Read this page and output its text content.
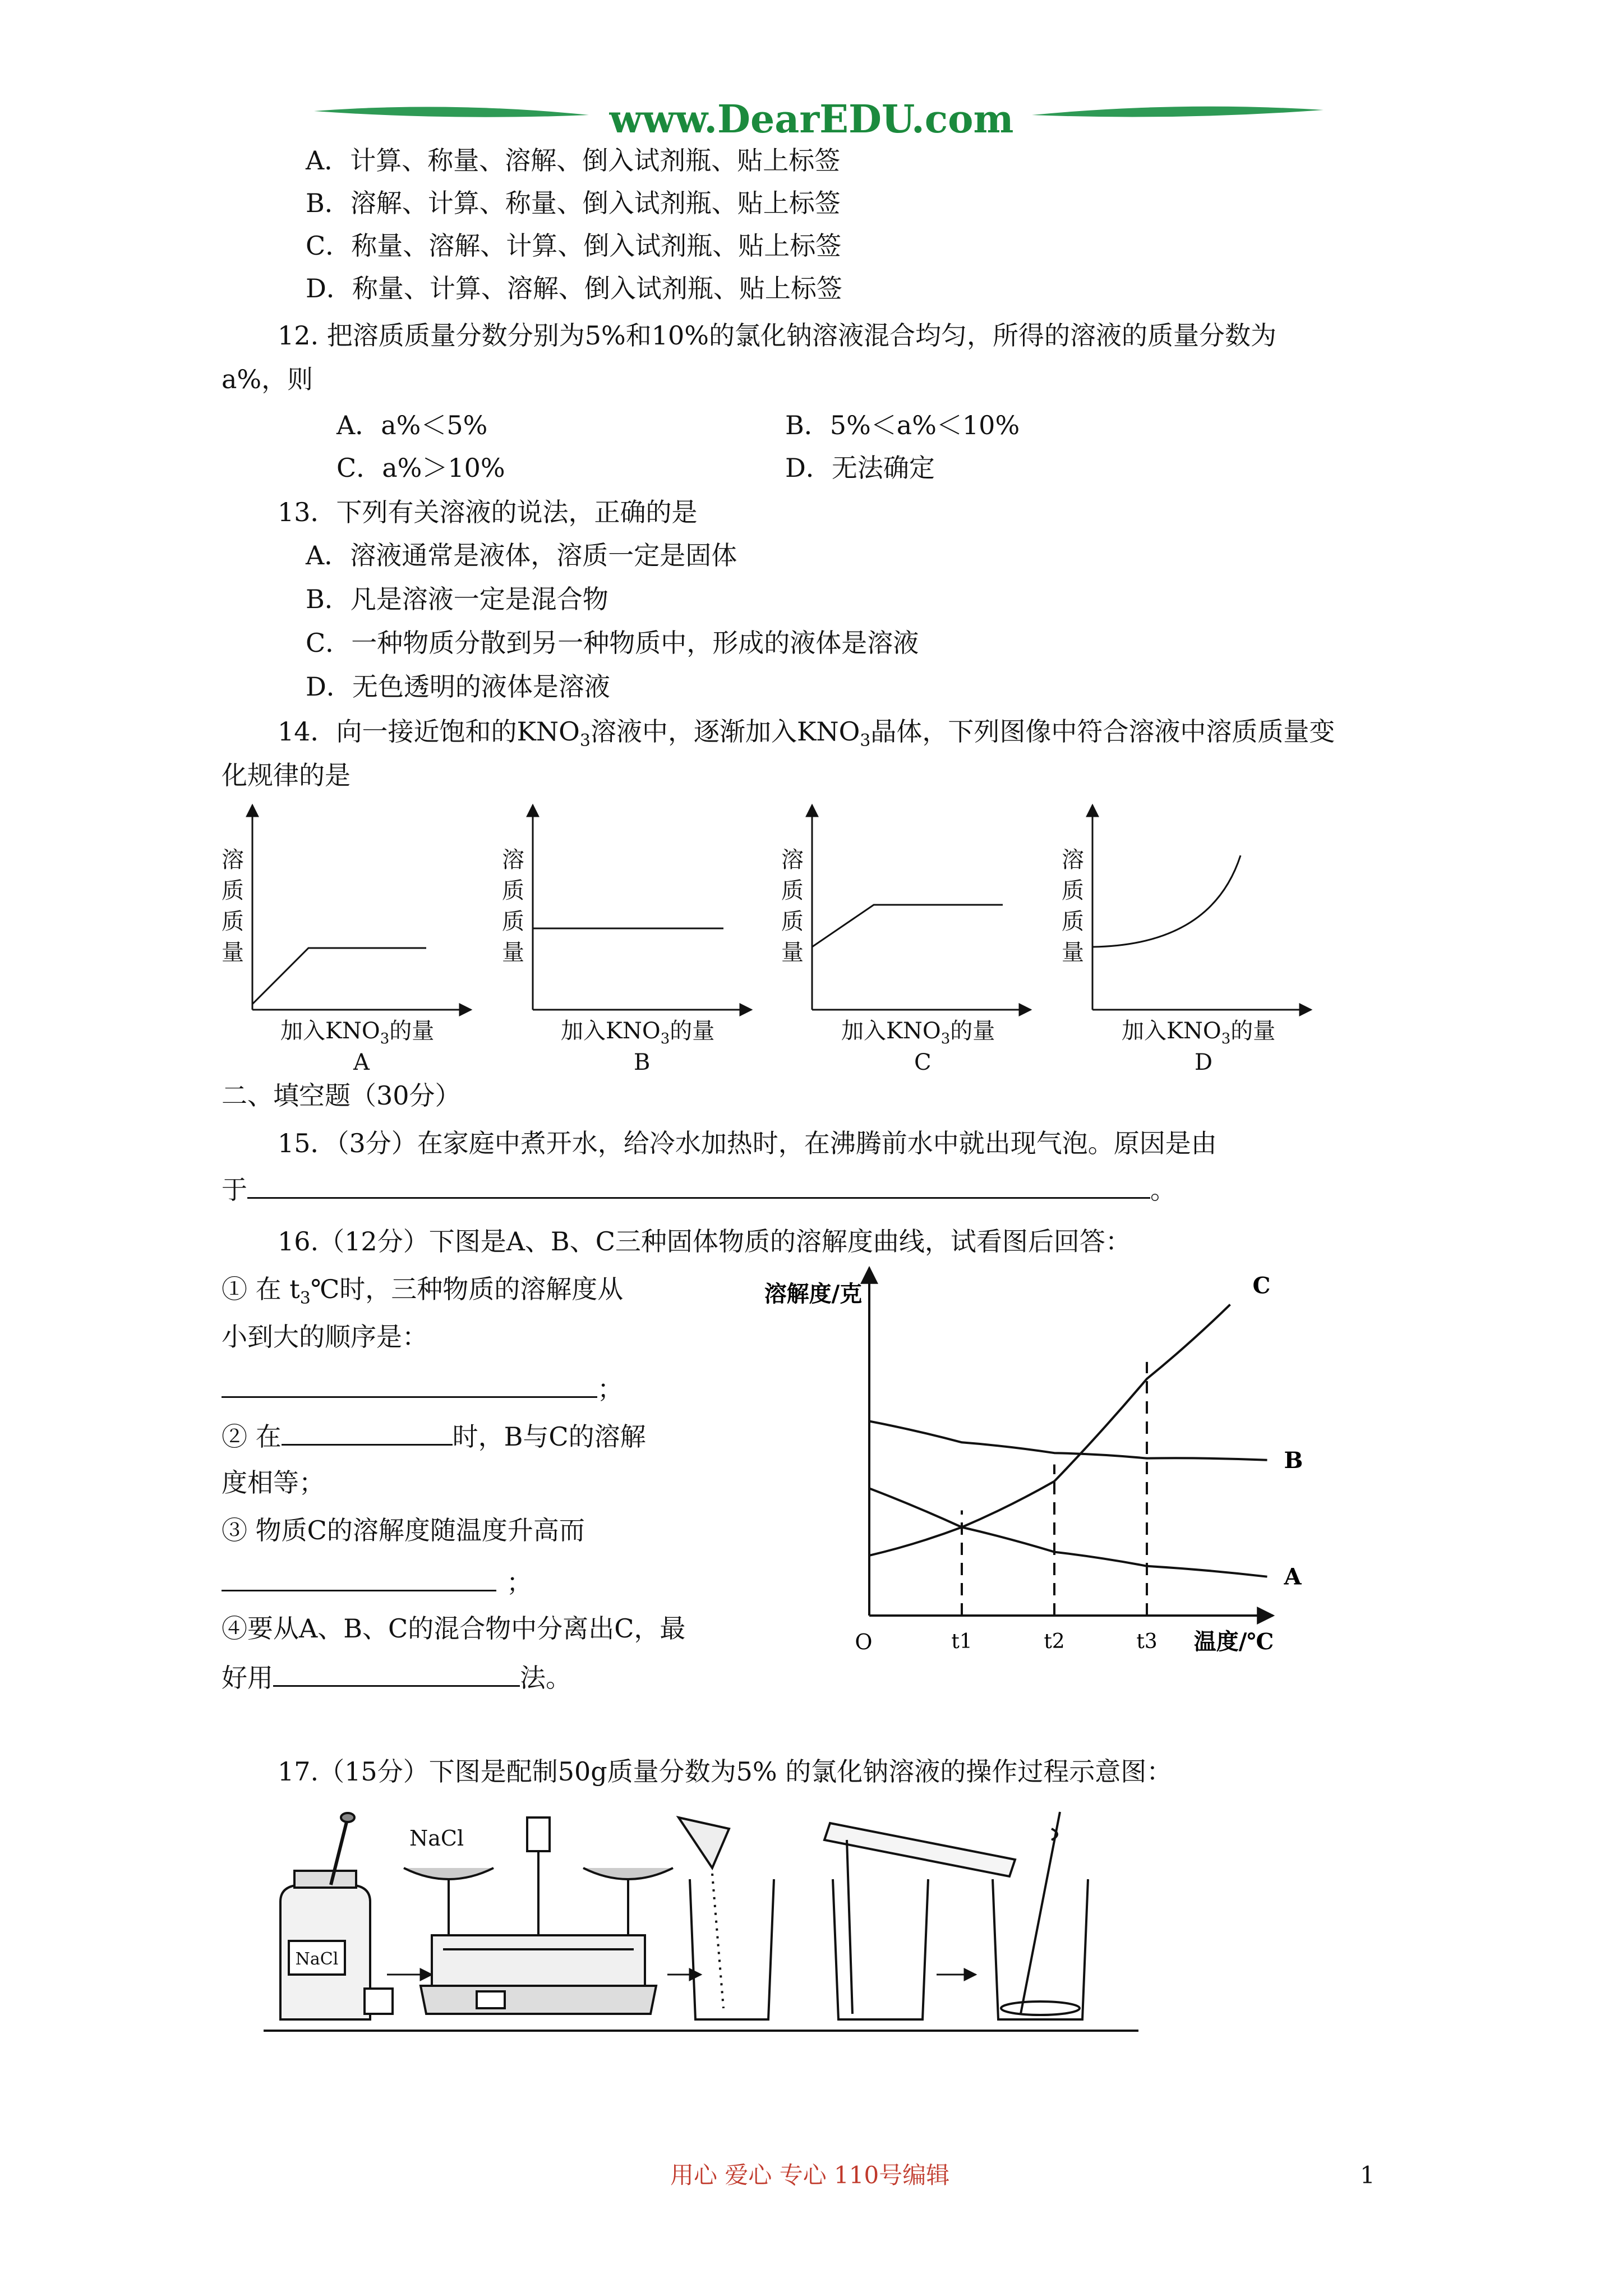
www.DearEDU.com
A．计算、称量、溶解、倒入试剂瓶、贴上标签
B．溶解、计算、称量、倒入试剂瓶、贴上标签
C．称量、溶解、计算、倒入试剂瓶、贴上标签
D．称量、计算、溶解、倒入试剂瓶、贴上标签
12. 把溶质质量分数分别为5%和10%的氯化钠溶液混合均匀，所得的溶液的质量分数为
a%，则
A．a%＜5%	B．5%＜a%＜10%
C．a%＞10%	D．无法确定
13．下列有关溶液的说法，正确的是
A．溶液通常是液体，溶质一定是固体
B．凡是溶液一定是混合物
C．一种物质分散到另一种物质中，形成的液体是溶液
D．无色透明的液体是溶液
14．向一接近饱和的$KNO_3$溶液中，逐渐加入$KNO_3$晶体，下列图像中符合溶液中溶质质量变
化规律的是
溶
质
质
量
溶
质
质
量
溶
质
质
量
溶
质
质
量
加入$KNO_3$的量	加入$KNO_3$的量	加入$KNO_3$的量	加入$KNO_3$的量
A	B	C	D
二、填空题（30分）
15．（3分）在家庭中煮开水，给冷水加热时，在沸腾前水中就出现气泡。原因是由
于	。
16.（12分）下图是A、B、C三种固体物质的溶解度曲线，试看图后回答：
① 在 $t_3℃$时，三种物质的溶解度从
小到大的顺序是：
；
② 在	时，B与C的溶解
度相等；
③ 物质C的溶解度随温度升高而
；
④要从A、B、C的混合物中分离出C，最
好用	法。
溶解度/克
温度/℃
O
A
B
C
t1	t2	t3
17.（15分）下图是配制50g质量分数为5% 的氯化钠溶液的操作过程示意图：
NaCl
NaCl
用心 爱心 专心 110号编辑	1
